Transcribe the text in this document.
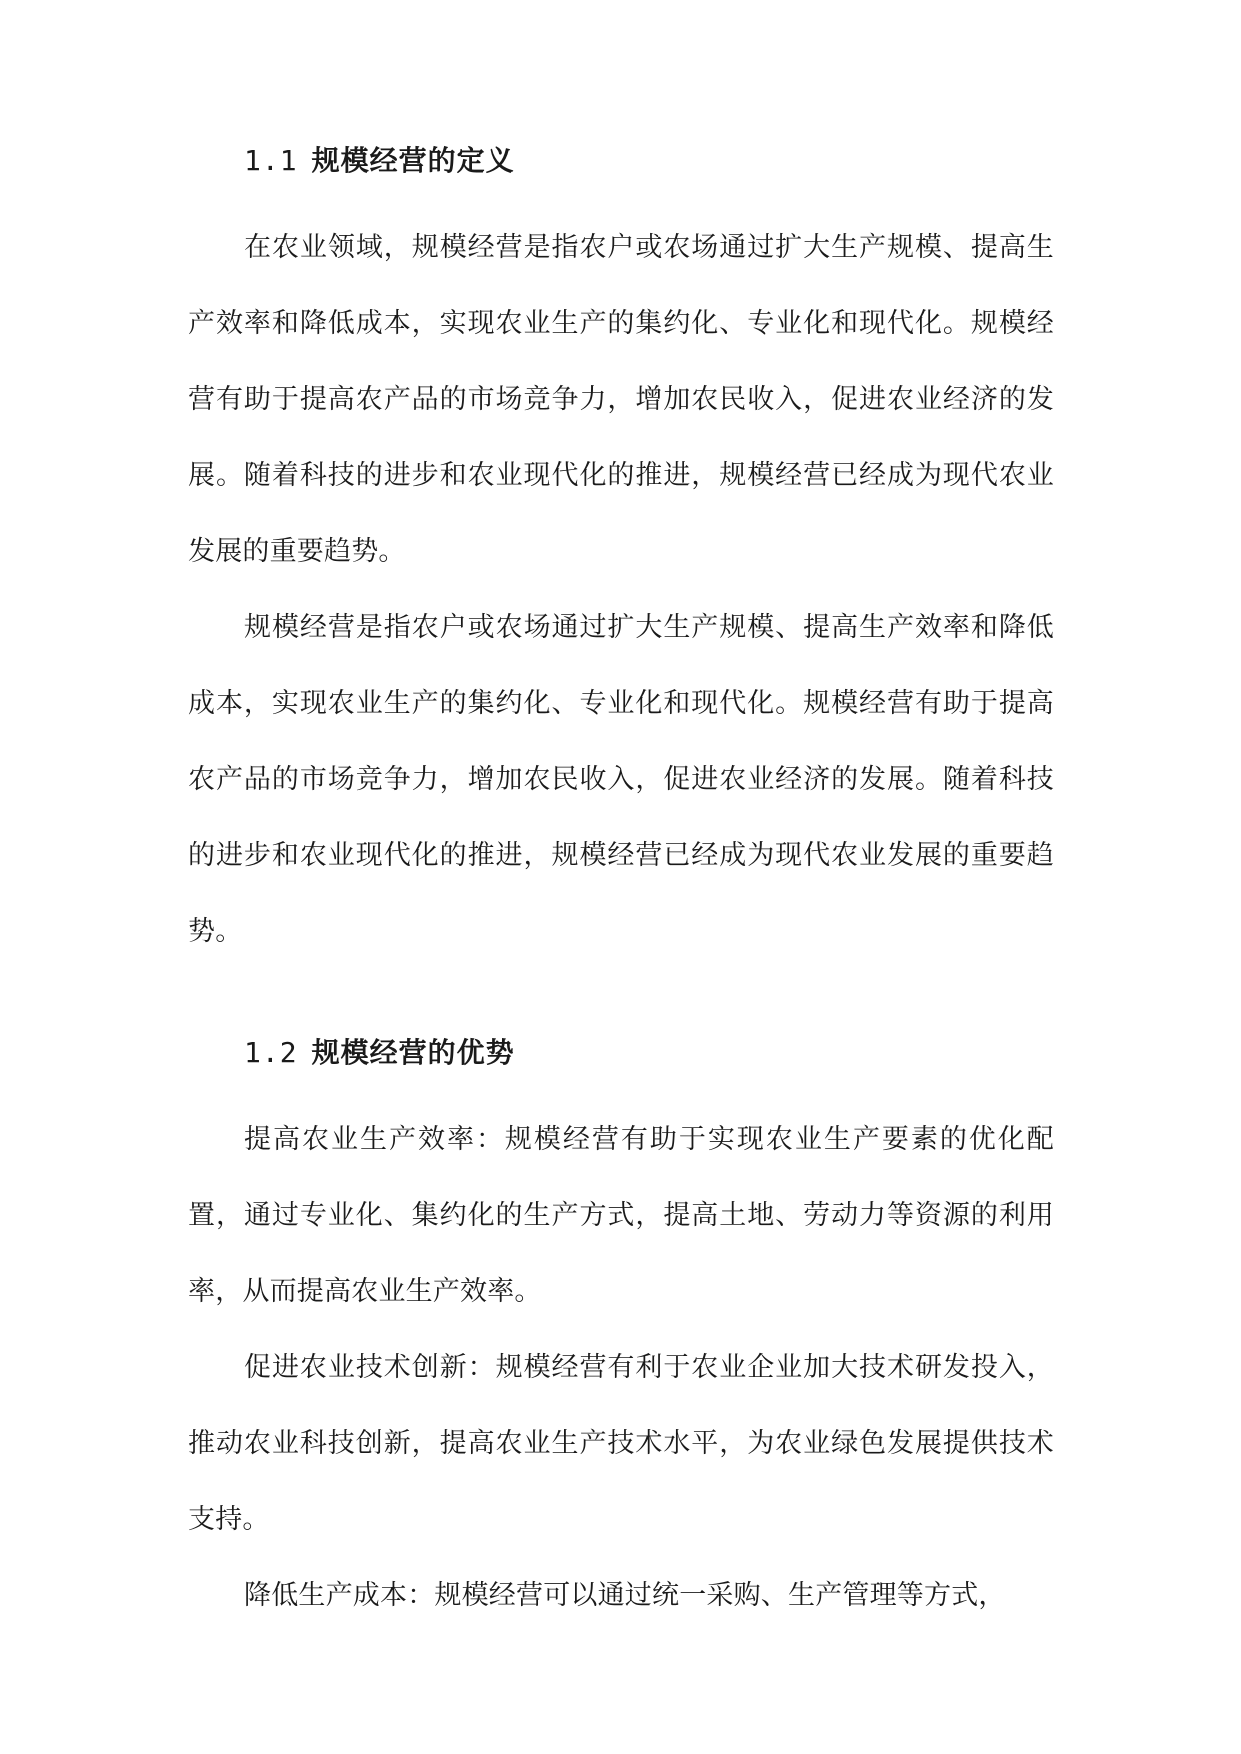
1.1 规模经营的定义

在农业领域，规模经营是指农户或农场通过扩大生产规模、提高生产效率和降低成本，实现农业生产的集约化、专业化和现代化。规模经营有助于提高农产品的市场竞争力，增加农民收入，促进农业经济的发展。随着科技的进步和农业现代化的推进，规模经营已经成为现代农业发展的重要趋势。

规模经营是指农户或农场通过扩大生产规模、提高生产效率和降低成本，实现农业生产的集约化、专业化和现代化。规模经营有助于提高农产品的市场竞争力，增加农民收入，促进农业经济的发展。随着科技的进步和农业现代化的推进，规模经营已经成为现代农业发展的重要趋势。

1.2 规模经营的优势

提高农业生产效率：规模经营有助于实现农业生产要素的优化配置，通过专业化、集约化的生产方式，提高土地、劳动力等资源的利用率，从而提高农业生产效率。

促进农业技术创新：规模经营有利于农业企业加大技术研发投入，推动农业科技创新，提高农业生产技术水平，为农业绿色发展提供技术支持。

降低生产成本：规模经营可以通过统一采购、生产管理等方式，
